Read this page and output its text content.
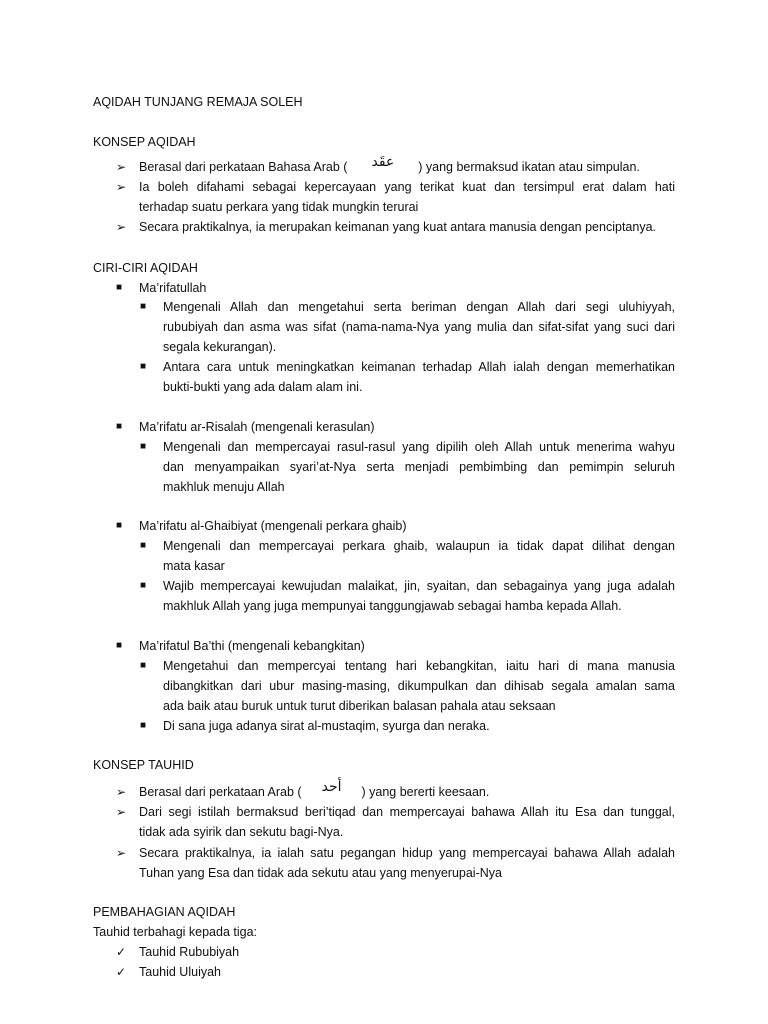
AQIDAH TUNJANG REMAJA SOLEH
KONSEP AQIDAH
➢ Berasal dari perkataan Bahasa Arab ( عقَد ) yang bermaksud ikatan atau simpulan.
➢ Ia boleh difahami sebagai kepercayaan yang terikat kuat dan tersimpul erat dalam hati
terhadap suatu perkara yang tidak mungkin terurai
➢ Secara praktikalnya, ia merupakan keimanan yang kuat antara manusia dengan penciptanya.
CIRI-CIRI AQIDAH
■ Ma’rifatullah
■ Mengenali Allah dan mengetahui serta beriman dengan Allah dari segi uluhiyyah,
rububiyah dan asma was sifat (nama-nama-Nya yang mulia dan sifat-sifat yang suci dari
segala kekurangan).
■ Antara cara untuk meningkatkan keimanan terhadap Allah ialah dengan memerhatikan
bukti-bukti yang ada dalam alam ini.
■ Ma’rifatu ar-Risalah (mengenali kerasulan)
■ Mengenali dan mempercayai rasul-rasul yang dipilih oleh Allah untuk menerima wahyu
dan menyampaikan syari’at-Nya serta menjadi pembimbing dan pemimpin seluruh
makhluk menuju Allah
■ Ma’rifatu al-Ghaibiyat (mengenali perkara ghaib)
■ Mengenali dan mempercayai perkara ghaib, walaupun ia tidak dapat dilihat dengan
mata kasar
■ Wajib mempercayai kewujudan malaikat, jin, syaitan, dan sebagainya yang juga adalah
makhluk Allah yang juga mempunyai tanggungjawab sebagai hamba kepada Allah.
■ Ma’rifatul Ba’thi (mengenali kebangkitan)
■ Mengetahui dan mempercyai tentang hari kebangkitan, iaitu hari di mana manusia
dibangkitkan dari ubur masing-masing, dikumpulkan dan dihisab segala amalan sama
ada baik atau buruk untuk turut diberikan balasan pahala atau seksaan
■ Di sana juga adanya sirat al-mustaqim, syurga dan neraka.
KONSEP TAUHID
➢ Berasal dari perkataan Arab ( أحد ) yang bererti keesaan.
➢ Dari segi istilah bermaksud beri’tiqad dan mempercayai bahawa Allah itu Esa dan tunggal,
tidak ada syirik dan sekutu bagi-Nya.
➢ Secara praktikalnya, ia ialah satu pegangan hidup yang mempercayai bahawa Allah adalah
Tuhan yang Esa dan tidak ada sekutu atau yang menyerupai-Nya
PEMBAHAGIAN AQIDAH
Tauhid terbahagi kepada tiga:
✓ Tauhid Rububiyah
✓ Tauhid Uluiyah
